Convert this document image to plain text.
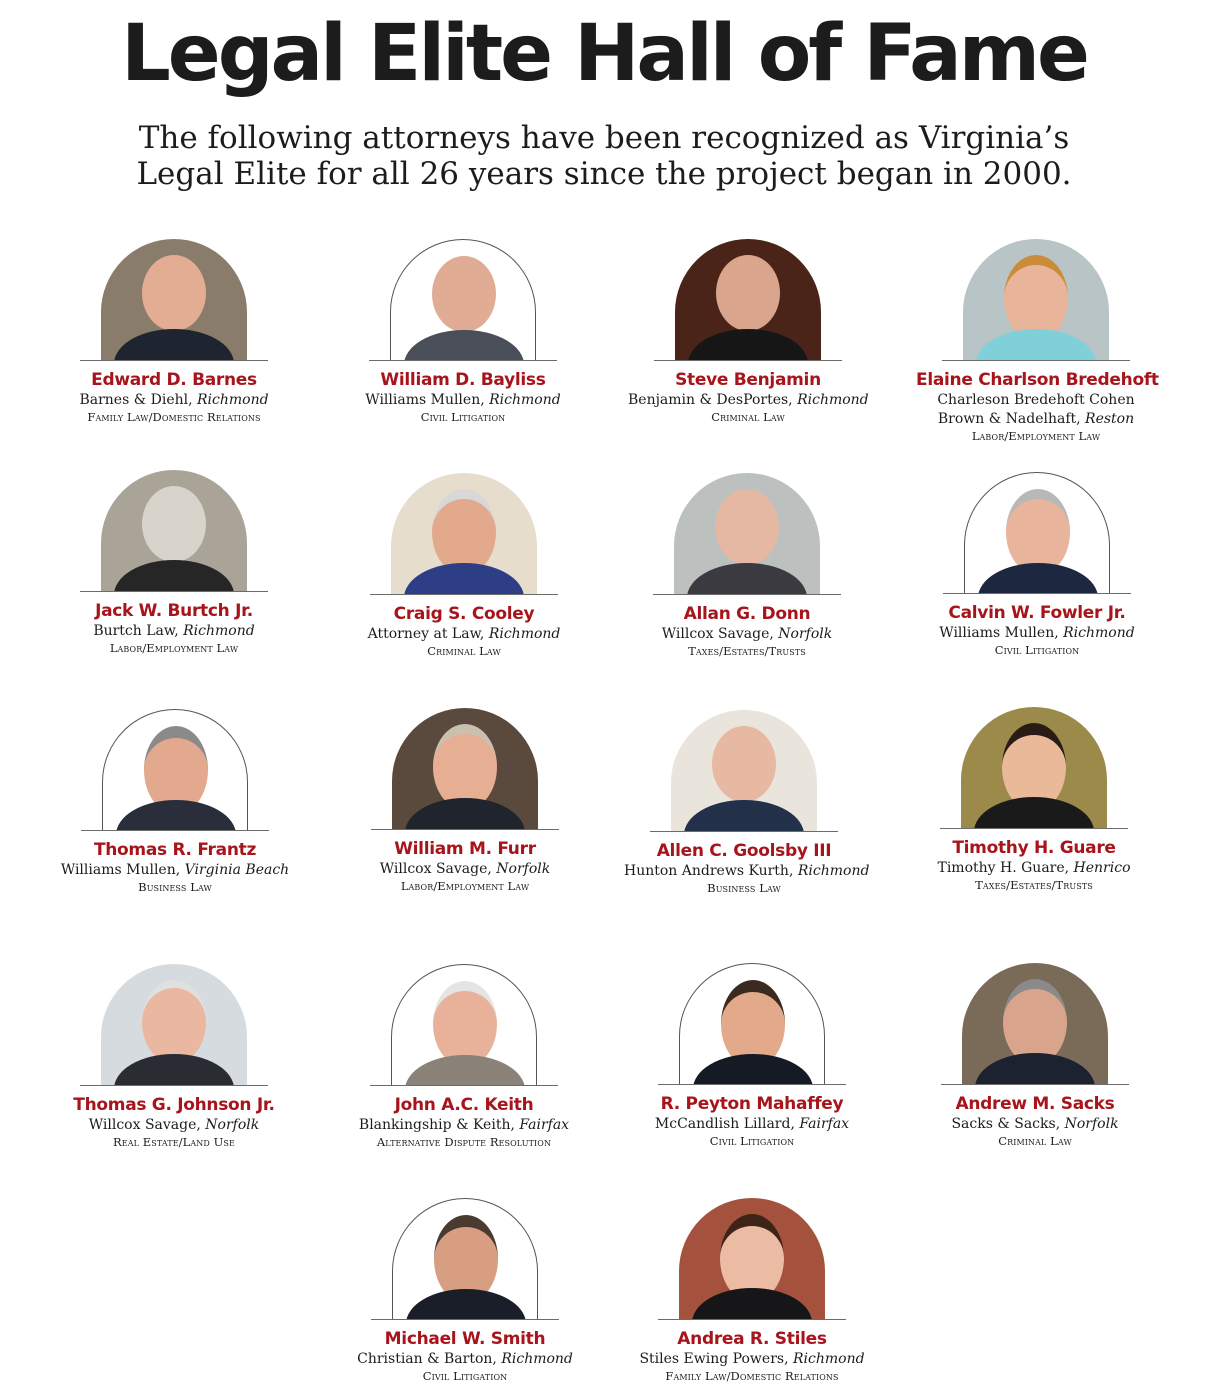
Legal Elite Hall of Fame
The following attorneys have been recognized as Virginia’s
Legal Elite for all 26 years since the project began in 2000.
Edward D. Barnes
Barnes & Diehl, Richmond
Family Law/Domestic Relations
William D. Bayliss
Williams Mullen, Richmond
Civil Litigation
Steve Benjamin
Benjamin & DesPortes, Richmond
Criminal Law
Elaine Charlson Bredehoft
Charleson Bredehoft Cohen
Brown & Nadelhaft, Reston
Labor/Employment Law
Jack W. Burtch Jr.
Burtch Law, Richmond
Labor/Employment Law
Craig S. Cooley
Attorney at Law, Richmond
Criminal Law
Allan G. Donn
Willcox Savage, Norfolk
Taxes/Estates/Trusts
Calvin W. Fowler Jr.
Williams Mullen, Richmond
Civil Litigation
Thomas R. Frantz
Williams Mullen, Virginia Beach
Business Law
William M. Furr
Willcox Savage, Norfolk
Labor/Employment Law
Allen C. Goolsby III
Hunton Andrews Kurth, Richmond
Business Law
Timothy H. Guare
Timothy H. Guare, Henrico
Taxes/Estates/Trusts
Thomas G. Johnson Jr.
Willcox Savage, Norfolk
Real Estate/Land Use
John A.C. Keith
Blankingship & Keith, Fairfax
Alternative Dispute Resolution
R. Peyton Mahaffey
McCandlish Lillard, Fairfax
Civil Litigation
Andrew M. Sacks
Sacks & Sacks, Norfolk
Criminal Law
Michael W. Smith
Christian & Barton, Richmond
Civil Litigation
Andrea R. Stiles
Stiles Ewing Powers, Richmond
Family Law/Domestic Relations
